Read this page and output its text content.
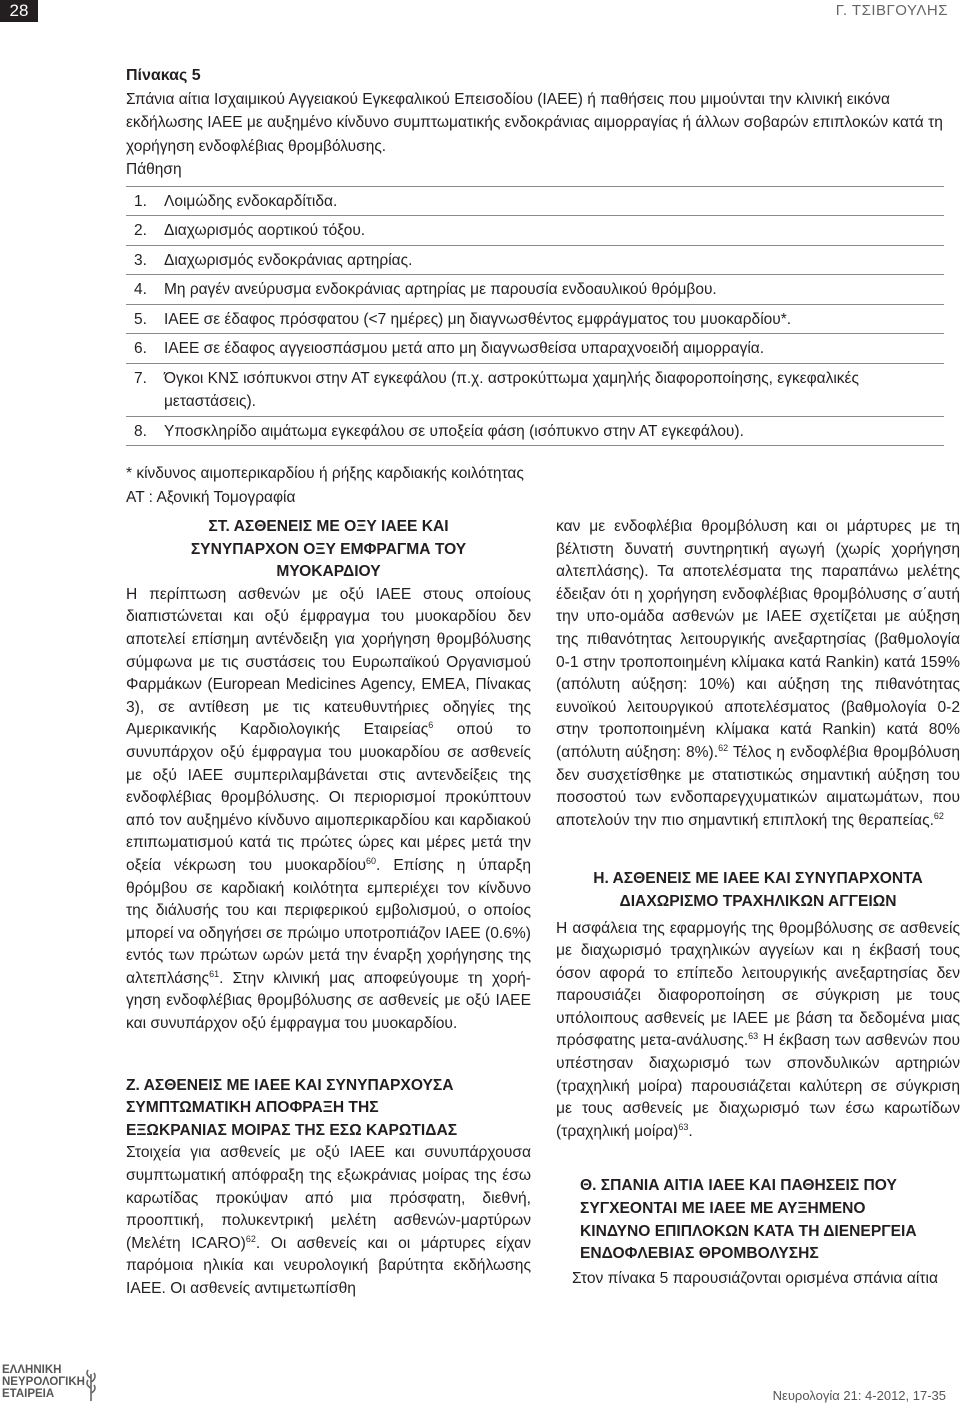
28	Γ. ΤΣΙΒΓΟΥΛΗΣ
Πίνακας 5
Σπάνια αίτια Ισχαιμικού Αγγειακού Εγκεφαλικού Επεισοδίου (ΙΑΕΕ) ή παθήσεις που μιμούνται την κλινική εικόνα εκδήλωσης ΙΑΕΕ με αυξημένο κίνδυνο συμπτωματικής ενδοκράνιας αιμορραγίας ή άλλων σοβαρών επιπλοκών κατά τη χορήγηση ενδοφλέβιας θρομβόλυσης.
Πάθηση
1.	Λοιμώδης ενδοκαρδίτιδα.
2.	Διαχωρισμός αορτικού τόξου.
3.	Διαχωρισμός ενδοκράνιας αρτηρίας.
4.	Μη ραγέν ανεύρυσμα ενδοκράνιας αρτηρίας με παρουσία ενδοαυλικού θρόμβου.
5.	ΙΑΕΕ σε έδαφος πρόσφατου (<7 ημέρες) μη διαγνωσθέντος εμφράγματος του μυοκαρδίου*.
6.	ΙΑΕΕ σε έδαφος αγγειοσπάσμου μετά απο μη διαγνωσθείσα υπαραχνοειδή αιμορραγία.
7.	Όγκοι ΚΝΣ ισόπυκνοι στην ΑΤ εγκεφάλου (π.χ. αστροκύττωμα χαμηλής διαφοροποίησης, εγκεφαλικές μεταστάσεις).
8.	Υποσκληρίδο αιμάτωμα εγκεφάλου σε υποξεία φάση (ισόπυκνο στην ΑΤ εγκεφάλου).
* κίνδυνος αιμοπερικαρδίου ή ρήξης καρδιακής κοιλότητας
ΑΤ : Αξονική Τομογραφία
ΣΤ. ΑΣΘΕΝΕΙΣ ΜΕ ΟΞΥ ΙΑΕΕ ΚΑΙ
ΣΥΝΥΠΑΡΧΟΝ ΟΞΥ ΕΜΦΡΑΓΜΑ ΤΟΥ
ΜΥΟΚΑΡΔΙΟΥ

Η περίπτωση ασθενών με οξύ ΙΑΕΕ στους οποίους διαπιστώνεται και οξύ έμφραγμα του μυοκαρδίου δεν αποτελεί επίσημη αντένδειξη για χορήγηση θρομβόλυσης σύμφωνα με τις συστάσεις του Ευρωπαϊκού Οργανισμού Φαρμάκων (European Medicines Agency, EMEA, Πίνακας 3), σε αντίθεση με τις κατευθυντήριες οδηγίες της Αμερικανικής Καρδιολογικής Εταιρείας$^6$ οπού το συνυπάρχον οξύ έμφραγμα του μυοκαρδίου σε ασθενείς με οξύ ΙΑΕΕ συμπεριλαμβάνεται στις αντενδείξεις της ενδοφλέβιας θρομβόλυσης. Οι περιορισμοί προκύπτουν από τον αυξημένο κίνδυνο αιμοπερικαρδίου και καρδιακού επιπωματισμού κατά τις πρώτες ώρες και μέρες μετά την οξεία νέκρωση του μυοκαρδίου$^{60}$. Επίσης η ύπαρξη θρόμβου σε καρδιακή κοιλότητα εμπεριέχει τον κίνδυνο της διάλυσής του και περιφερικού εμβολισμού, ο οποίος μπορεί να οδηγήσει σε πρώιμο υποτροπιάζον ΙΑΕΕ (0.6%) εντός των πρώτων ωρών μετά την έναρξη χορήγησης της αλτεπλάσης$^{61}$. Στην κλινική μας αποφεύγουμε τη χορήγηση ενδοφλέβιας θρομβόλυσης σε ασθενείς με οξύ ΙΑΕΕ και συνυπάρχον οξύ έμφραγμα του μυοκαρδίου.

Ζ. ΑΣΘΕΝΕΙΣ ΜΕ ΙΑΕΕ ΚΑΙ ΣΥΝΥΠΑΡΧΟΥΣΑ
ΣΥΜΠΤΩΜΑΤΙΚΗ ΑΠΟΦΡΑΞΗ ΤΗΣ
ΕΞΩΚΡΑΝΙΑΣ ΜΟΙΡΑΣ ΤΗΣ ΕΣΩ ΚΑΡΩΤΙΔΑΣ

Στοιχεία για ασθενείς με οξύ ΙΑΕΕ και συνυπάρχουσα συμπτωματική απόφραξη της εξωκράνιας μοίρας της έσω καρωτίδας προκύψαν από μια πρόσφατη, διεθνή, προοπτική, πολυκεντρική μελέτη ασθενών-μαρτύρων (Μελέτη ICARO)$^{62}$. Οι ασθενείς και οι μάρτυρες είχαν παρόμοια ηλικία και νευρολογική βαρύτητα εκδήλωσης ΙΑΕΕ. Οι ασθενείς αντιμετωπίσθη

καν με ενδοφλέβια θρομβόλυση και οι μάρτυρες με τη βέλτιστη δυνατή συντηρητική αγωγή (χωρίς χορήγηση αλτεπλάσης). Τα αποτελέσματα της παραπάνω μελέτης έδειξαν ότι η χορήγηση ενδοφλέβιας θρομβόλυσης σ΄αυτή την υπο-ομάδα ασθενών με ΙΑΕΕ σχετίζεται με αύξηση της πιθανότητας λειτουργικής ανεξαρτησίας (βαθμολογία 0-1 στην τροποποιημένη κλίμακα κατά Rankin) κατά 159% (απόλυτη αύξηση: 10%) και αύξηση της πιθανότητας ευνοϊκού λειτουργικού αποτελέσματος (βαθμολογία 0-2 στην τροποποιημένη κλίμακα κατά Rankin) κατά 80% (απόλυτη αύξηση: 8%).$^{62}$ Τέλος η ενδοφλέβια θρομβόλυση δεν συσχετίσθηκε με στατιστικώς σημαντική αύξηση του ποσοστού των ενδοπαρεγχυματικών αιματωμάτων, που αποτελούν την πιο σημαντική επιπλοκή της θεραπείας.$^{62}$

Η. ΑΣΘΕΝΕΙΣ ΜΕ ΙΑΕΕ ΚΑΙ ΣΥΝΥΠΑΡΧΟΝΤΑ
ΔΙΑΧΩΡΙΣΜΟ ΤΡΑΧΗΛΙΚΩΝ ΑΓΓΕΙΩΝ

Η ασφάλεια της εφαρμογής της θρομβόλυσης σε ασθενείς με διαχωρισμό τραχηλικών αγγείων και η έκβασή τους όσον αφορά το επίπεδο λειτουργικής ανεξαρτησίας δεν παρουσιάζει διαφοροποίηση σε σύγκριση με τους υπόλοιπους ασθενείς με ΙΑΕΕ με βάση τα δεδομένα μιας πρόσφατης μετα-ανάλυσης.$^{63}$ Η έκβαση των ασθενών που υπέστησαν διαχωρισμό των σπονδυλικών αρτηριών (τραχηλική μοίρα) παρουσιάζεται καλύτερη σε σύγκριση με τους ασθενείς με διαχωρισμό των έσω καρωτίδων (τραχηλική μοίρα)$^{63}$.

Θ. ΣΠΑΝΙΑ ΑΙΤΙΑ ΙΑΕΕ ΚΑΙ ΠΑΘΗΣΕΙΣ ΠΟΥ
ΣΥΓΧΕΟΝΤΑΙ ΜΕ ΙΑΕΕ ΜΕ ΑΥΞΗΜΕΝΟ
ΚΙΝΔΥΝΟ ΕΠΙΠΛΟΚΩΝ ΚΑΤΑ ΤΗ ΔΙΕΝΕΡΓΕΙΑ
ΕΝΔΟΦΛΕΒΙΑΣ ΘΡΟΜΒΟΛΥΣΗΣ

Στον πίνακα 5 παρουσιάζονται ορισμένα σπάνια αίτια

ΕΛΛΗΝΙΚΗ
ΝΕΥΡΟΛΟΓΙΚΗ
ΕΤΑΙΡΕΙΑ	Νευρολογία 21: 4-2012, 17-35
